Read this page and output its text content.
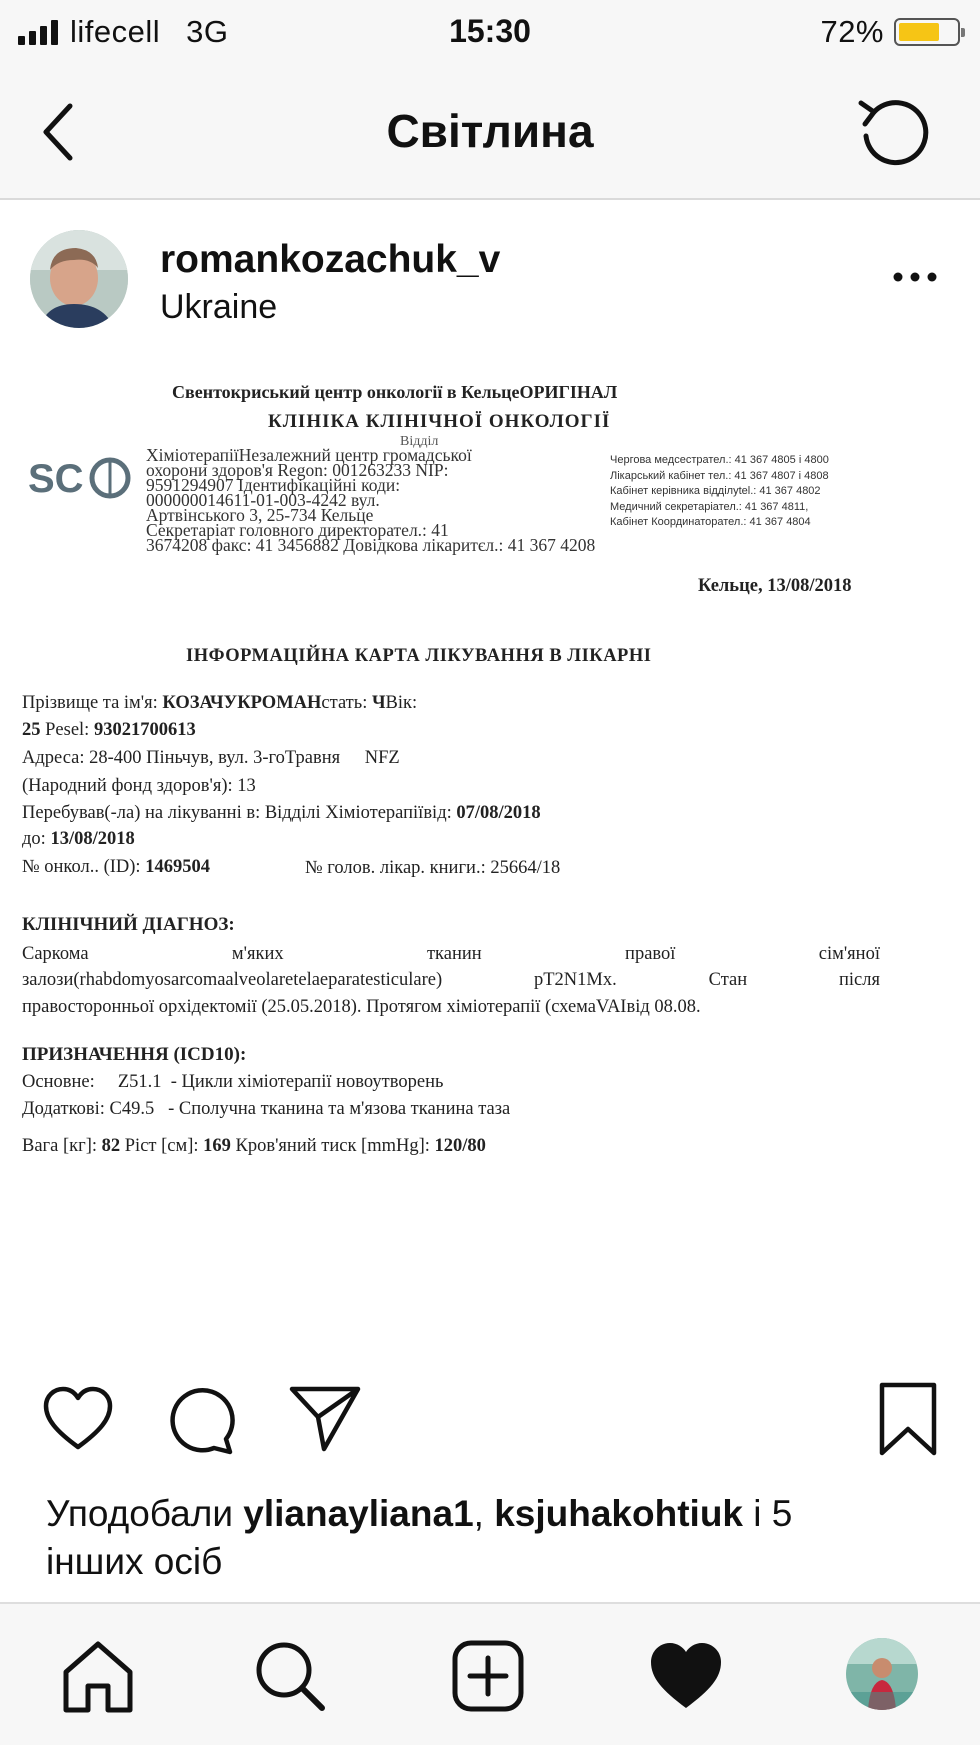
lifecell 3G	15:30	72%
Світлина
romankozachuk_v
Ukraine
Свентокриський центр онкології в КельцеОРИГІНАЛ
КЛІНІКА КЛІНІЧНОЇ ОНКОЛОГІЇ
Відділ
SC
ХіміотерапіїНезалежний центр громадської
охорони здоров'я Regon: 001263233 NIP:
9591294907 Ідентифікаційні коди:
000000014611-01-003-4242 вул.
Артвінського 3, 25-734 Кельце
Секретаріат головного директорател.: 41
3674208 факс: 41 3456882 Довідкова лікаритєл.: 41 367 4208
Чергова медсестрател.: 41 367 4805 і 4800
Лікарський кабінет тел.: 41 367 4807 і 4808
Кабінет керівника відділуtel.: 41 367 4802
Медичний секретаріател.: 41 367 4811,
Кабінет Координаторател.: 41 367 4804
Кельце, 13/08/2018
ІНФОРМАЦІЙНА КАРТА ЛІКУВАННЯ В ЛІКАРНІ
Прізвище та ім'я: КОЗАЧУКРОМАНстать: ЧВік:
25 Pesel: 93021700613
Адреса: 28-400 Піньчув, вул. 3-гоТравня NFZ
(Народний фонд здоров'я): 13
Перебував(-ла) на лікуванні в: Відділі Хіміотерапіївід: 07/08/2018
до: 13/08/2018
№ онкол.. (ID): 1469504	№ голов. лікар. книги.: 25664/18
КЛІНІЧНИЙ ДІАГНОЗ:
Саркома	м'яких	тканин	правої	сім'яної
залози(rhabdomyosarcomaalveolaretelaeparatesticulare)	pT2N1Mx.	Стан	після
правосторонньої орхідектомії (25.05.2018). Протягом хіміотерапії (схемаVAIвід 08.08.
ПРИЗНАЧЕННЯ (ICD10):
Основне:     Z51.1  - Цикли хіміотерапії новоутворень
Додаткові: C49.5   - Сполучна тканина та м'язова тканина таза
Вага [кг]: 82 Ріст [см]: 169 Кров'яний тиск [mmHg]: 120/80
Уподобали ylianayliana1, ksjuhakohtiuk і 5
інших осіб
